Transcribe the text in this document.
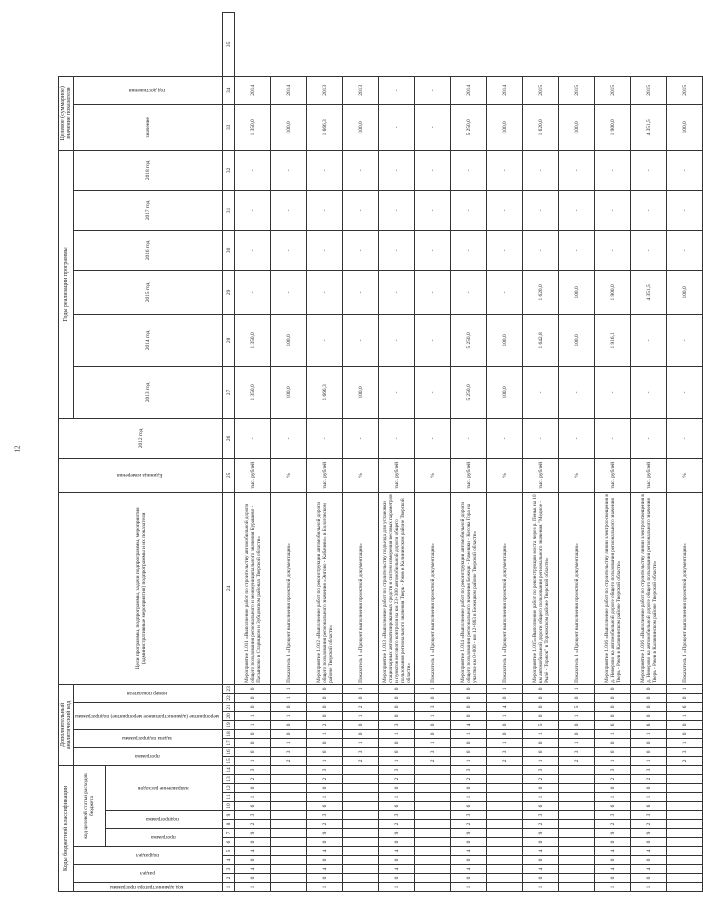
12
Коды бюджетной классификации														Дополнительный аналитический код									Цели программы, подпрограммы, задачи подпрограммы, мероприятия (административные мероприятия) подпрограммы и их показатели	Единица измерения	2012 год	Годы реализации программы						Целевое (суммарное) значение показателя		
код администратора программы	раздел		подраздел		код целевой статьи расходов бюджета									программа		задача подпрограммы		мероприятие (административное мероприятие) подпрограммы			номер показателя					2013 год	2014 год	2015 год	2016 год	2017 год	2018 год	значение	год достижения	
					программа		подпрограмма		направление расходов																									
1	2	3	4	5	6	7	8	9	10	11	12	13	14	15	16	17	18	19	20	21	22	23	24	25	26	27	28	29	30	31	32	33	34	35
1	0	4	0	4	0	9	2	3	6	1	0	2	3	1	0	0	0	1	1	0	0	0	Мероприятие 1.011 «Выполнение работ по строительству автомобильной дороги общего пользования регионального и межмуниципального значения Бурашево - Пасынково в Старицком и Зубцовском районах Тверской области»	тыс. рублей	-	1 350,0	1 350,0	-	-	-	-	1 350,0	2014	
														2	3	1	0	0	1	0	1	1	Показатель 1 «Процент выполнения проектной документации»	%	-	100,0	100,0	-	-	-	-	100,0	2014	
1	0	4	0	4	0	9	2	3	6	1	0	2	3	1	0	0	1	2	0	0	0	0	Мероприятие 1.012 «Выполнение работ по реконструкции автомобильной дороги общего пользования регионального значения «Энгово - Кабачево» в Бологовском районе Тверской области»	тыс. рублей	-	1 666,3	-	-	-	-	-	1 666,3	2013	
														2	3	1	0	0	1	2	0	1	Показатель 1 «Процент выполнения проектной документации»	%	-	100,0	-	-	-	-	-	100,0	2013	
1	0	4	0	4	0	9	2	3	6	1	0	2	3	1	0	0	1	3	0	0	0	0	Мероприятие 1.013 «Выполнение работ по строительству подъезда для установки стационарных автоматизированных средств и систем измерения весовых параметров и пунктов весового контроля на км 23+300 автомобильной дороги общего пользования регионального значения Тверь - Ржев в Калининском районе Тверской области»	тыс. рублей	-	-	-	-	-	-	-	-	-	
														2	3	1	0	0	1	3	0	1	Показатель 1 «Процент выполнения проектной документации»	%	-	-	-	-	-	-	-	-	-	
1	0	4	0	4	0	9	2	3	6	1	0	2	3	1	0	0	1	4	0	0	0	0	Мероприятие 1.014 «Выполнение работ по реконструкции автомобильной дороги общего пользования регионального значения Бежецк - Рамешки - Кесова Гора на участке км 0+000 - км 12+883 в Бежецком районе Тверской области»	тыс. рублей	-	5 250,0	5 250,0	-	-	-	-	5 250,0	2014	
														2	3	1	0	0	1	4	0	1	Показатель 1 «Процент выполнения проектной документации»	%	-	100,0	100,0	-	-	-	-	100,0	2014	
1	0	4	0	4	0	9	2	3	6	1	0	2	3	1	0	0	1	5	0	0	0	0	Мероприятие 1.015«Выполнение работ по реконструкции моста через р. Пеньк на 10 км автомобильной дороги общего пользования регионального значения "Медное - Рылё - Торжок" в Торжокском районе Тверской области»	тыс. рублей	-	-	1 642,8	1 620,0	-	-	-	1 620,0	2015	
														2	3	1	0	0	1	5	0	1	Показатель 1 «Процент выполнения проектной документации»	%	-	-	100,0	100,0	-	-	-	100,0	2015	
1	0	4	0	4	0	9	2	3	6	1	0	2	3	1	0	0	1	6	0	0	0	0	Мероприятие 1.016 «Выполнение работ по строительству линии электроосвещения в д. Неверово на автомобильной дороге общего пользования регионального значения Тверь - Ржев в Калининском районе Тверской области»	тыс. рублей	-	-	1 916,1	1 900,0	-	-	-	1 900,0	2015	
1	0	4	0	4	0	9	2	3	6	1	0	2	3	1	0	0	1	6	0	0	0	0	Мероприятие 1.016 «Выполнение работ по строительству линии электроосвещения в д. Неверово на автомобильной дороге общего пользования регионального значения Тверь - Ржев в Калининском районе Тверской области»	тыс. рублей	-	-	-	4 351,5	-	-	-	4 351,5	2015	
														2	3	1	0	0	1	6	0	1	Показатель 1 «Процент выполнения проектной документации»	%	-	-	-	100,0	-	-	-	100,0	2015	
